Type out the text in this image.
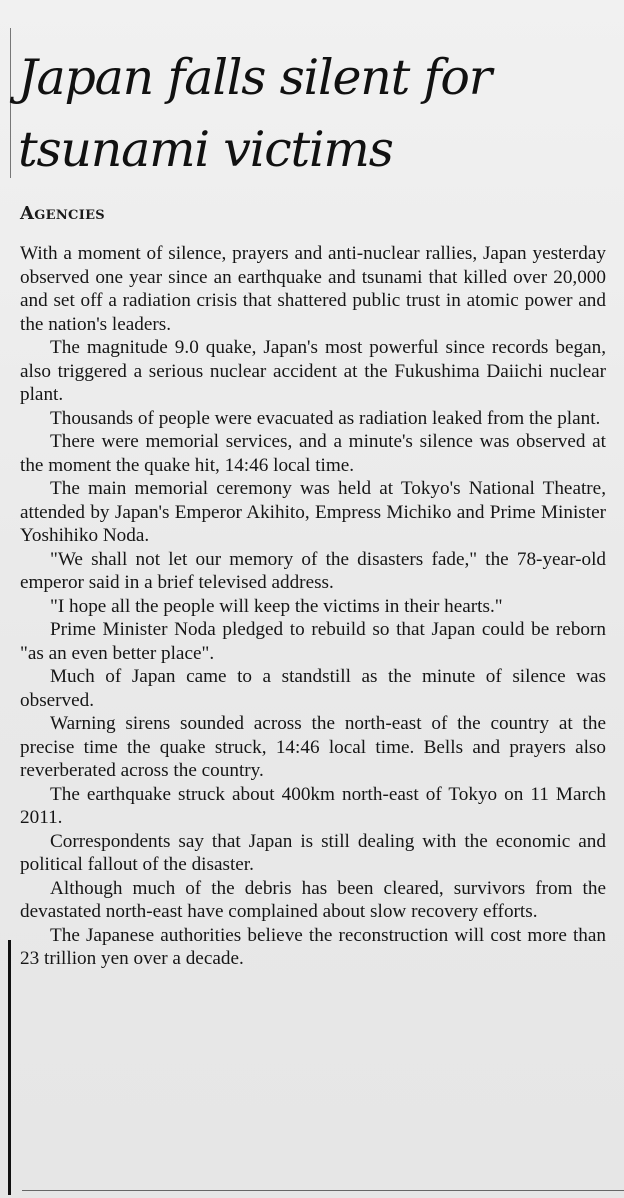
Japan falls silent for tsunami victims
Agencies

With a moment of silence, prayers and anti-nuclear rallies, Japan yesterday observed one year since an earthquake and tsunami that killed over 20,000 and set off a radiation crisis that shattered public trust in atomic power and the nation's leaders.

The magnitude 9.0 quake, Japan's most powerful since records began, also triggered a serious nuclear accident at the Fukushima Daiichi nuclear plant.

Thousands of people were evacuated as radiation leaked from the plant.

There were memorial services, and a minute's silence was observed at the moment the quake hit, 14:46 local time.

The main memorial ceremony was held at Tokyo's National Theatre, attended by Japan's Emperor Akihito, Empress Michiko and Prime Minister Yoshihiko Noda.

"We shall not let our memory of the disasters fade," the 78-year-old emperor said in a brief televised address.

"I hope all the people will keep the victims in their hearts."

Prime Minister Noda pledged to rebuild so that Japan could be reborn "as an even better place".

Much of Japan came to a standstill as the minute of silence was observed.

Warning sirens sounded across the north-east of the country at the precise time the quake struck, 14:46 local time. Bells and prayers also reverberated across the country.

The earthquake struck about 400km north-east of Tokyo on 11 March 2011.

Correspondents say that Japan is still dealing with the economic and political fallout of the disaster.

Although much of the debris has been cleared, survivors from the devastated north-east have complained about slow recovery efforts.

The Japanese authorities believe the reconstruction will cost more than 23 trillion yen over a decade.
